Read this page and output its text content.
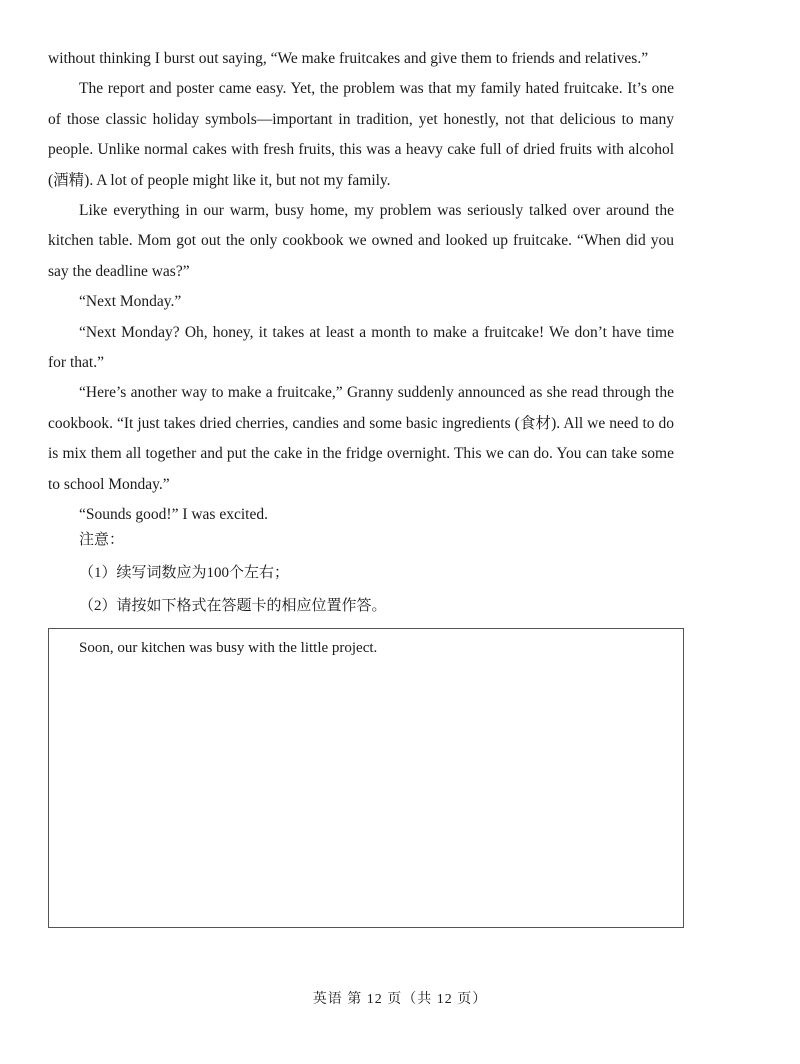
without thinking I burst out saying, “We make fruitcakes and give them to friends and relatives.”

The report and poster came easy. Yet, the problem was that my family hated fruitcake. It’s one of those classic holiday symbols—important in tradition, yet honestly, not that delicious to many people. Unlike normal cakes with fresh fruits, this was a heavy cake full of dried fruits with alcohol (酒精). A lot of people might like it, but not my family.

Like everything in our warm, busy home, my problem was seriously talked over around the kitchen table. Mom got out the only cookbook we owned and looked up fruitcake. “When did you say the deadline was?”

“Next Monday.”

“Next Monday? Oh, honey, it takes at least a month to make a fruitcake! We don’t have time for that.”

“Here’s another way to make a fruitcake,” Granny suddenly announced as she read through the cookbook. “It just takes dried cherries, candies and some basic ingredients (食材). All we need to do is mix them all together and put the cake in the fridge overnight. This we can do. You can take some to school Monday.”

“Sounds good!” I was excited.

注意：
（1）续写词数应为100个左右；
（2）请按如下格式在答题卡的相应位置作答。
Soon, our kitchen was busy with the little project.
英语 第 12 页（共 12 页）
